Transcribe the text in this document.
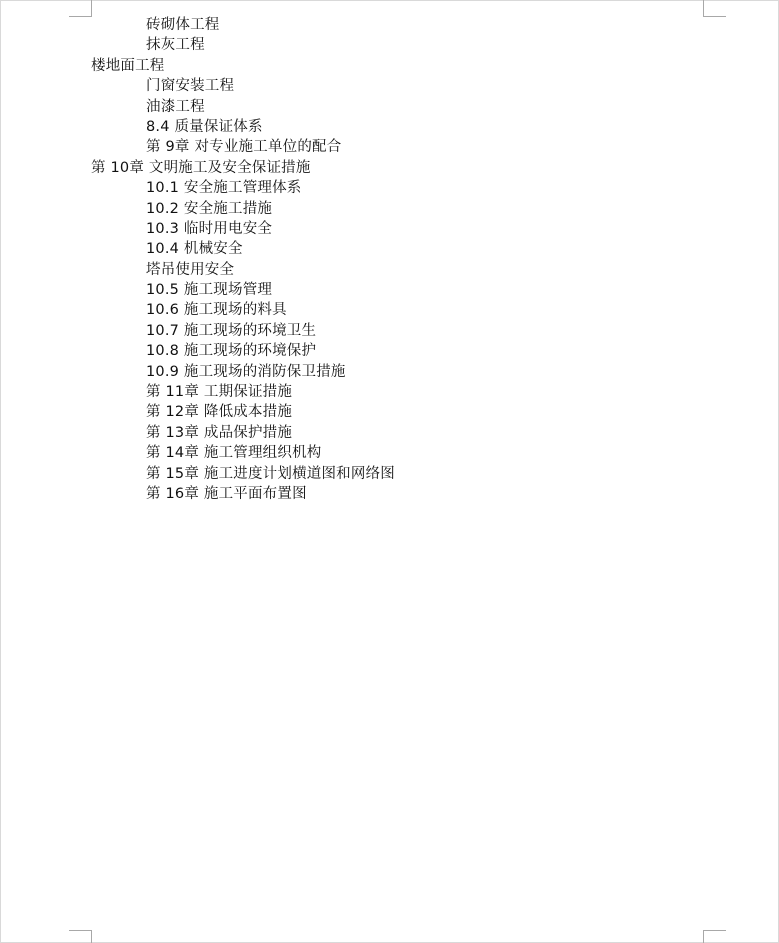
砖砌体工程
抹灰工程
楼地面工程
门窗安装工程
油漆工程
8.4 质量保证体系
第 9章 对专业施工单位的配合
第 10章 文明施工及安全保证措施
10.1 安全施工管理体系
10.2 安全施工措施
10.3 临时用电安全
10.4 机械安全
塔吊使用安全
10.5 施工现场管理
10.6 施工现场的料具
10.7 施工现场的环境卫生
10.8 施工现场的环境保护
10.9 施工现场的消防保卫措施
第 11章 工期保证措施
第 12章 降低成本措施
第 13章 成品保护措施
第 14章 施工管理组织机构
第 15章 施工进度计划横道图和网络图
第 16章 施工平面布置图
